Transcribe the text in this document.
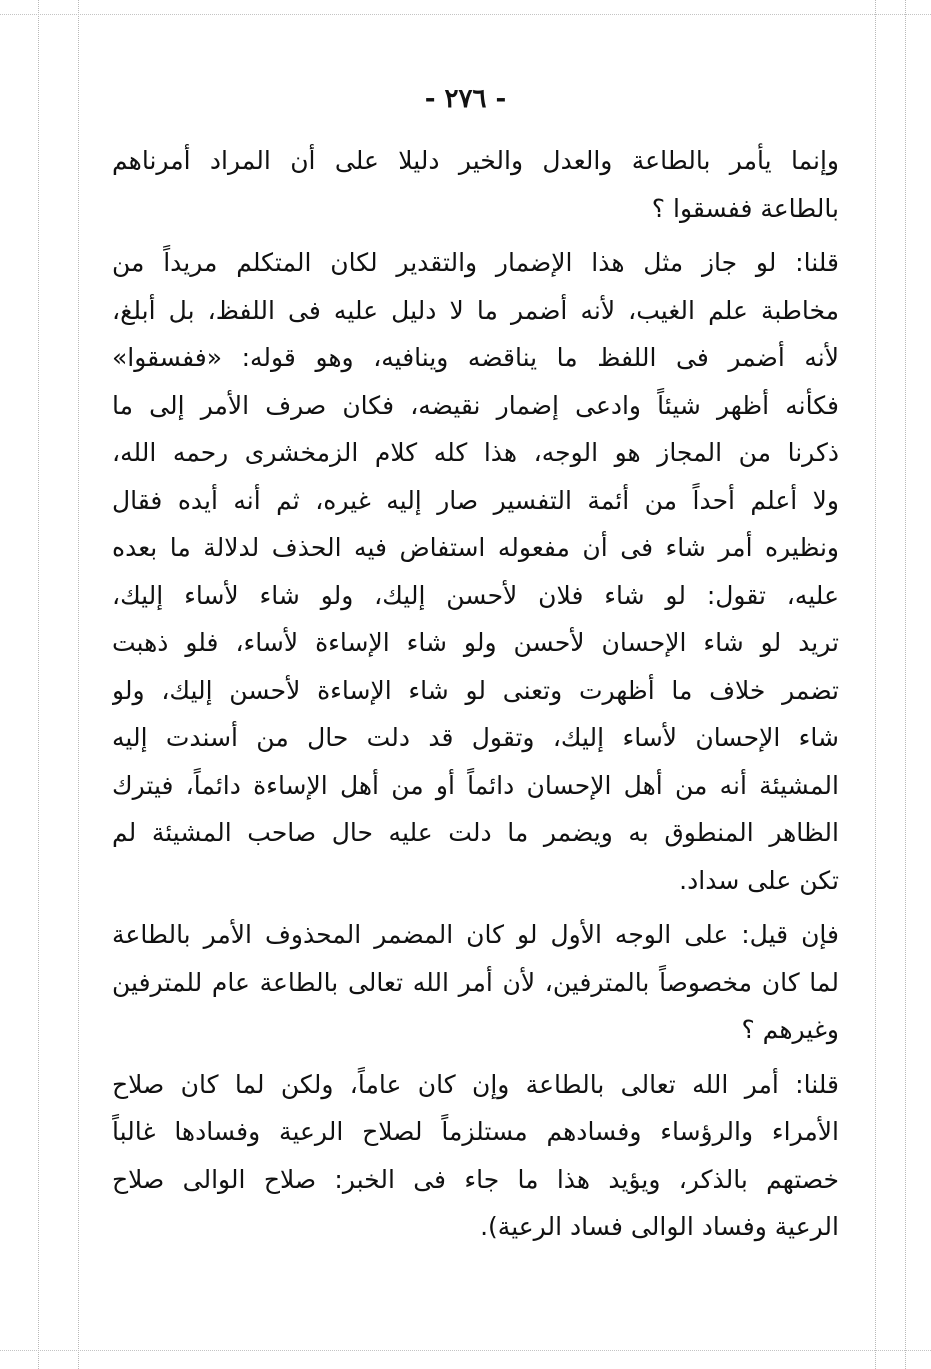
- ٢٧٦ -
وإنما يأمر بالطاعة والعدل والخير دليلا على أن المراد أمرناهم
بالطاعة ففسقوا ؟
قلنا: لو جاز مثل هذا الإضمار والتقدير لكان المتكلم مريداً من
مخاطبة علم الغيب، لأنه أضمر ما لا دليل عليه فى اللفظ، بل أبلغ،
لأنه أضمر فى اللفظ ما يناقضه وينافيه، وهو قوله: «ففسقوا»
فكأنه أظهر شيئاً وادعى إضمار نقيضه، فكان صرف الأمر إلى ما
ذكرنا من المجاز هو الوجه، هذا كله كلام الزمخشرى رحمه الله،
ولا أعلم أحداً من أئمة التفسير صار إليه غيره، ثم أنه أيده فقال
ونظيره أمر شاء فى أن مفعوله استفاض فيه الحذف لدلالة ما بعده
عليه، تقول: لو شاء فلان لأحسن إليك، ولو شاء لأساء إليك،
تريد لو شاء الإحسان لأحسن ولو شاء الإساءة لأساء، فلو ذهبت
تضمر خلاف ما أظهرت وتعنى لو شاء الإساءة لأحسن إليك، ولو
شاء الإحسان لأساء إليك، وتقول قد دلت حال من أسندت إليه
المشيئة أنه من أهل الإحسان دائماً أو من أهل الإساءة دائماً، فيترك
الظاهر المنطوق به ويضمر ما دلت عليه حال صاحب المشيئة لم
تكن على سداد.
فإن قيل: على الوجه الأول لو كان المضمر المحذوف الأمر بالطاعة
لما كان مخصوصاً بالمترفين، لأن أمر الله تعالى بالطاعة عام للمترفين
وغيرهم ؟
قلنا: أمر الله تعالى بالطاعة وإن كان عاماً، ولكن لما كان صلاح
الأمراء والرؤساء وفسادهم مستلزماً لصلاح الرعية وفسادها غالباً
خصتهم بالذكر، ويؤيد هذا ما جاء فى الخبر: صلاح الوالى صلاح
الرعية وفساد الوالى فساد الرعية).
